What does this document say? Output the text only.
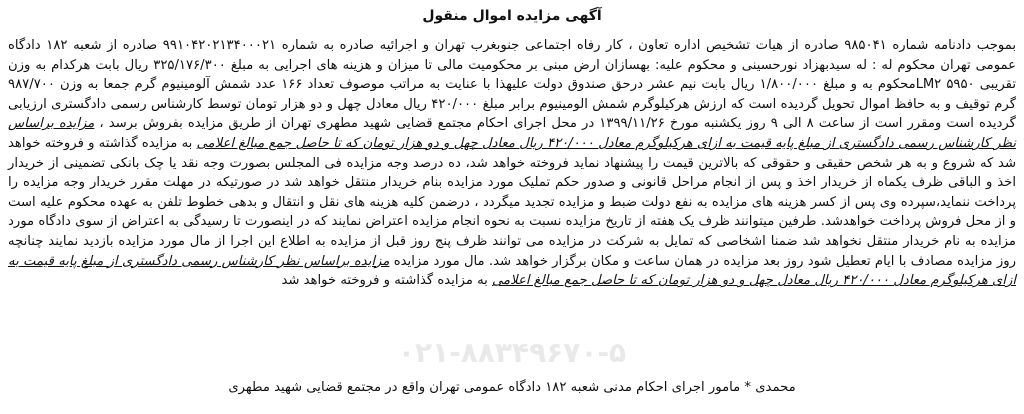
آگهی مزایده اموال منقول
بموجب دادنامه شماره ۹۸۵۰۴۱ صادره از هیات تشخیص اداره تعاون ، کار رفاه اجتماعی جنوبغرب تهران و اجرائیه صادره به شماره ۹۹۱۰۴۲۰۲۱۳۴۰۰۰۲۱ صادره از شعبه ۱۸۲ دادگاه عمومی تهران محکوم له : له سیدبهزاد نورحسینی و محکوم علیه: بهسازان ارض مبنی بر محکومیت مالی تا میزان و هزینه های اجرایی به مبلغ ۳۲۵/۱۷۶/۳۰۰ ریال بابت هرکدام به وزن تقریبی ۵۹۵۰ LM۲محکوم به و مبلغ ۱/۸۰۰/۰۰۰ ریال بابت نیم عشر درحق صندوق دولت علیهذا با عنایت به مراتب موصوف تعداد ۱۶۶ عدد شمش آلومینیوم گرم جمعا به وزن ۹۸۷/۷۰۰ گرم توقیف و به حافظ اموال تحویل گردیده است که ارزش هرکیلوگرم شمش الومینیوم برابر مبلغ ۴۲۰/۰۰۰ ریال معادل چهل و دو هزار تومان توسط کارشناس رسمی دادگستری ارزیابی گردیده است ومقرر است از ساعت ۸ الی ۹ روز یکشنبه مورخ ۱۳۹۹/۱۱/۲۶ در محل اجرای احکام مجتمع قضایی شهید مطهری تهران از طریق مزایده بفروش برسد ، مزایده براساس نظر کارشناس رسمی دادگستری از مبلغ پایه قیمت به ازای هرکیلوگرم معادل ۴۲۰/۰۰۰ ریال معادل چهل و دو هزار تومان که تا حاصل جمع مبالغ اعلامی به مزایده گذاشته و فروخته خواهد شد که شروع و به هر شخص حقیقی و حقوقی که بالاترین قیمت را پیشنهاد نماید فروخته خواهد شد، ده درصد وجه مزایده فی المجلس بصورت وجه نقد یا چک بانکی تضمینی از خریدار اخذ و الباقی ظرف یکماه از خریدار اخذ و پس از انجام مراحل قانونی و صدور حکم تملیک مورد مزایده بنام خریدار منتقل خواهد شد در صورتیکه در مهلت مقرر خریدار وجه مزایده را پرداخت ننماید،سپرده وی پس از کسر هزینه های مزایده به نفع دولت ضبط و مزایده تجدید میگردد ، درضمن کلیه هزینه های نقل و انتقال و بدهی خطوط تلفن به عهده محکوم علیه است و از محل فروش پرداخت خواهدشد. طرفین میتوانند ظرف یک هفته از تاریخ مزایده نسبت به نحوه انجام مزایده اعتراض نمایند که در اینصورت تا رسیدگی به اعتراض از سوی دادگاه مورد مزایده به نام خریدار منتقل نخواهد شد ضمنا اشخاصی که تمایل به شرکت در مزایده می توانند ظرف پنج روز قبل از مزایده به اطلاع این اجرا از مال مورد مزایده بازدید نمایند چنانچه روز مزایده مصادف با ایام تعطیل شود روز بعد مزایده در همان ساعت و مکان برگزار خواهد شد. مال مورد مزایده مزایده براساس نظر کارشناس رسمی دادگستری از مبلغ پایه قیمت به ازای هرکیلوگرم معادل ۴۲۰/۰۰۰ ریال معادل چهل و دو هزار تومان که تا حاصل جمع مبالغ اعلامی به مزایده گذاشته و فروخته خواهد شد
۰۲۱-۸۸۳۴۹۶۷۰-۵
محمدی * مامور اجرای احکام مدنی شعبه ۱۸۲ دادگاه عمومی تهران واقع در مجتمع قضایی شهید مطهری
